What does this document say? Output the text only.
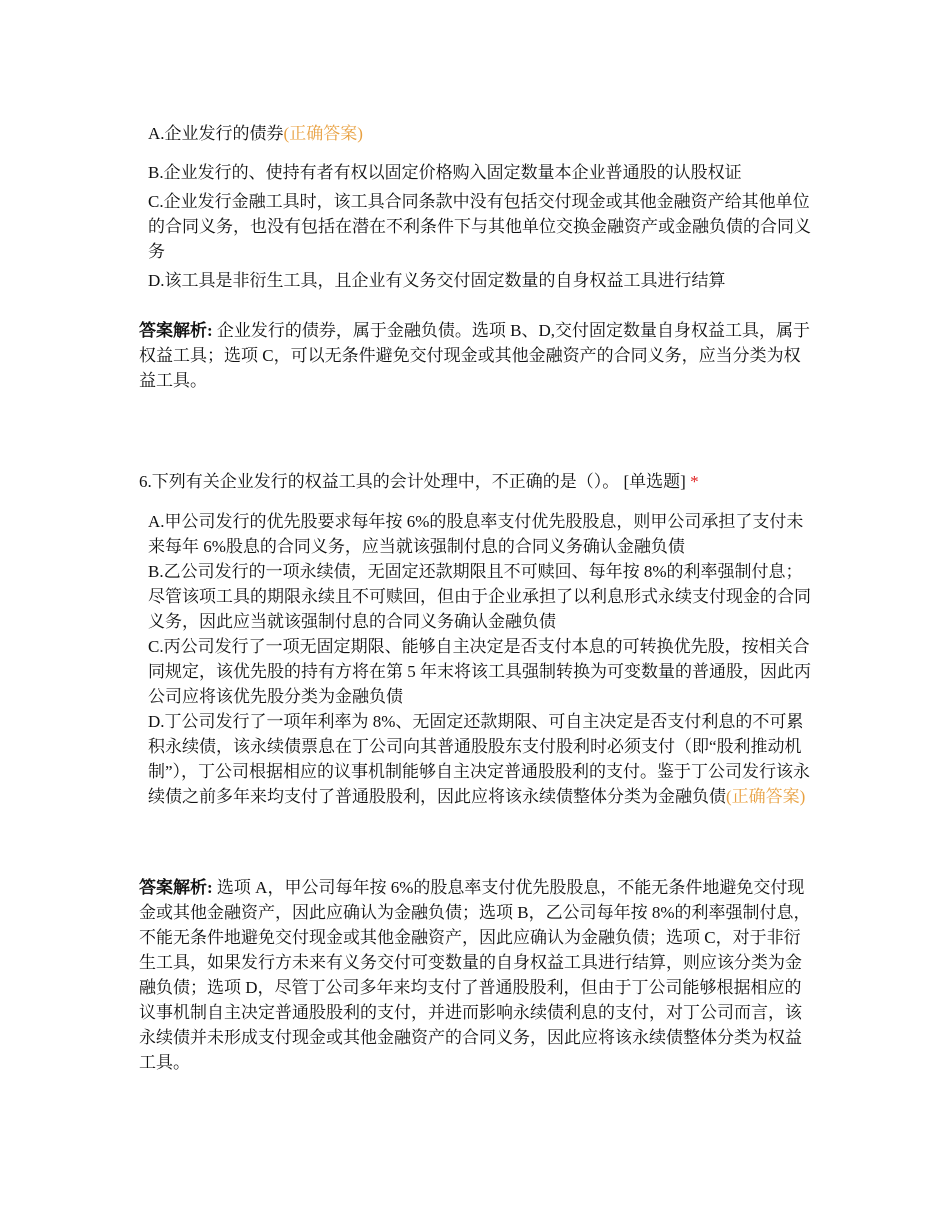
A.企业发行的债券(正确答案)

B.企业发行的、使持有者有权以固定价格购入固定数量本企业普通股的认股权证

C.企业发行金融工具时，该工具合同条款中没有包括交付现金或其他金融资产给其他单位的合同义务，也没有包括在潜在不利条件下与其他单位交换金融资产或金融负债的合同义务

D.该工具是非衍生工具，且企业有义务交付固定数量的自身权益工具进行结算

答案解析: 企业发行的债券，属于金融负债。选项 B、D,交付固定数量自身权益工具，属于权益工具；选项 C，可以无条件避免交付现金或其他金融资产的合同义务，应当分类为权益工具。
6.下列有关企业发行的权益工具的会计处理中，不正确的是（）。 [单选题] *

A.甲公司发行的优先股要求每年按 6%的股息率支付优先股股息，则甲公司承担了支付未来每年 6%股息的合同义务，应当就该强制付息的合同义务确认金融负债

B.乙公司发行的一项永续债，无固定还款期限且不可赎回、每年按 8%的利率强制付息；尽管该项工具的期限永续且不可赎回，但由于企业承担了以利息形式永续支付现金的合同义务，因此应当就该强制付息的合同义务确认金融负债

C.丙公司发行了一项无固定期限、能够自主决定是否支付本息的可转换优先股，按相关合同规定，该优先股的持有方将在第 5 年末将该工具强制转换为可变数量的普通股，因此丙公司应将该优先股分类为金融负债

D.丁公司发行了一项年利率为 8%、无固定还款期限、可自主决定是否支付利息的不可累积永续债，该永续债票息在丁公司向其普通股股东支付股利时必须支付（即“股利推动机制”），丁公司根据相应的议事机制能够自主决定普通股股利的支付。鉴于丁公司发行该永续债之前多年来均支付了普通股股利，因此应将该永续债整体分类为金融负债(正确答案)

答案解析: 选项 A，甲公司每年按 6%的股息率支付优先股股息，不能无条件地避免交付现金或其他金融资产，因此应确认为金融负债；选项 B，乙公司每年按 8%的利率强制付息，不能无条件地避免交付现金或其他金融资产，因此应确认为金融负债；选项 C，对于非衍生工具，如果发行方未来有义务交付可变数量的自身权益工具进行结算，则应该分类为金融负债；选项 D，尽管丁公司多年来均支付了普通股股利，但由于丁公司能够根据相应的议事机制自主决定普通股股利的支付，并进而影响永续债利息的支付，对丁公司而言，该永续债并未形成支付现金或其他金融资产的合同义务，因此应将该永续债整体分类为权益工具。
